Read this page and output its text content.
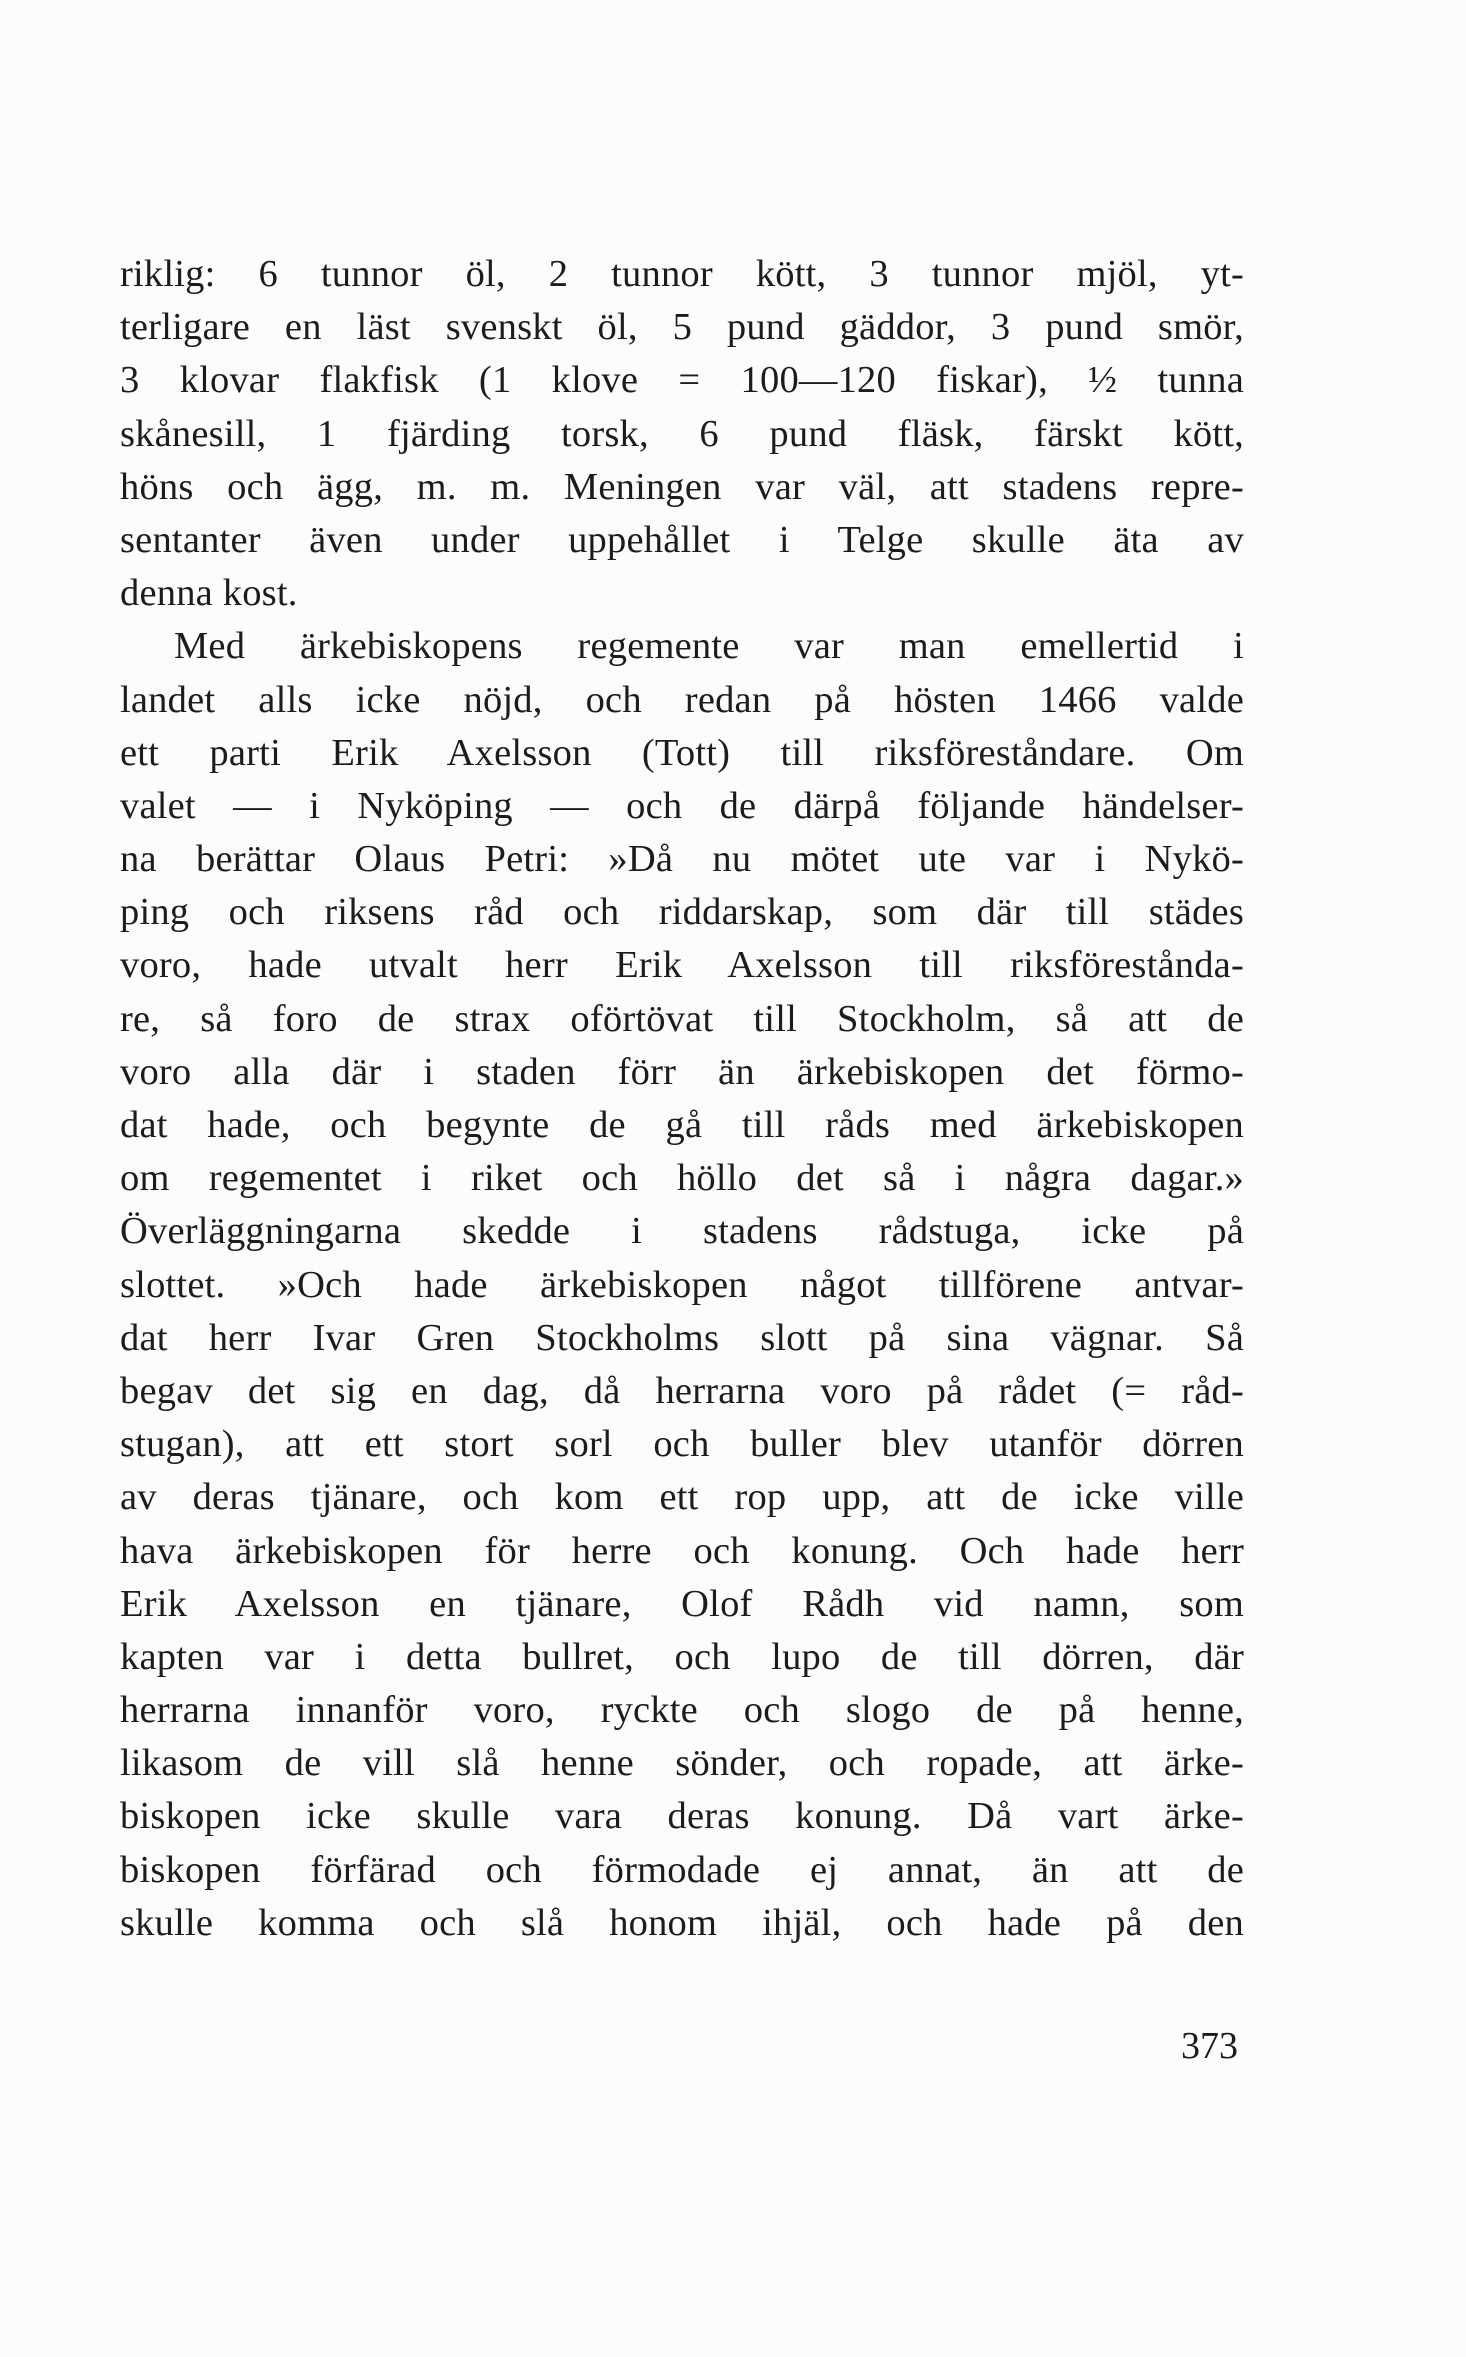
riklig: 6 tunnor öl, 2 tunnor kött, 3 tunnor mjöl, yt-
terligare en läst svenskt öl, 5 pund gäddor, 3 pund smör,
3 klovar flakfisk (1 klove = 100—120 fiskar), ½ tunna
skånesill, 1 fjärding torsk, 6 pund fläsk, färskt kött,
höns och ägg, m. m. Meningen var väl, att stadens repre-
sentanter även under uppehållet i Telge skulle äta av
denna kost.
Med ärkebiskopens regemente var man emellertid i
landet alls icke nöjd, och redan på hösten 1466 valde
ett parti Erik Axelsson (Tott) till riksföreståndare. Om
valet — i Nyköping — och de därpå följande händelser-
na berättar Olaus Petri: »Då nu mötet ute var i Nykö-
ping och riksens råd och riddarskap, som där till städes
voro, hade utvalt herr Erik Axelsson till riksförestånda-
re, så foro de strax oförtövat till Stockholm, så att de
voro alla där i staden förr än ärkebiskopen det förmo-
dat hade, och begynte de gå till råds med ärkebiskopen
om regementet i riket och höllo det så i några dagar.»
Överläggningarna skedde i stadens rådstuga, icke på
slottet. »Och hade ärkebiskopen något tillförene antvar-
dat herr Ivar Gren Stockholms slott på sina vägnar. Så
begav det sig en dag, då herrarna voro på rådet (= råd-
stugan), att ett stort sorl och buller blev utanför dörren
av deras tjänare, och kom ett rop upp, att de icke ville
hava ärkebiskopen för herre och konung. Och hade herr
Erik Axelsson en tjänare, Olof Rådh vid namn, som
kapten var i detta bullret, och lupo de till dörren, där
herrarna innanför voro, ryckte och slogo de på henne,
likasom de vill slå henne sönder, och ropade, att ärke-
biskopen icke skulle vara deras konung. Då vart ärke-
biskopen förfärad och förmodade ej annat, än att de
skulle komma och slå honom ihjäl, och hade på den
373
